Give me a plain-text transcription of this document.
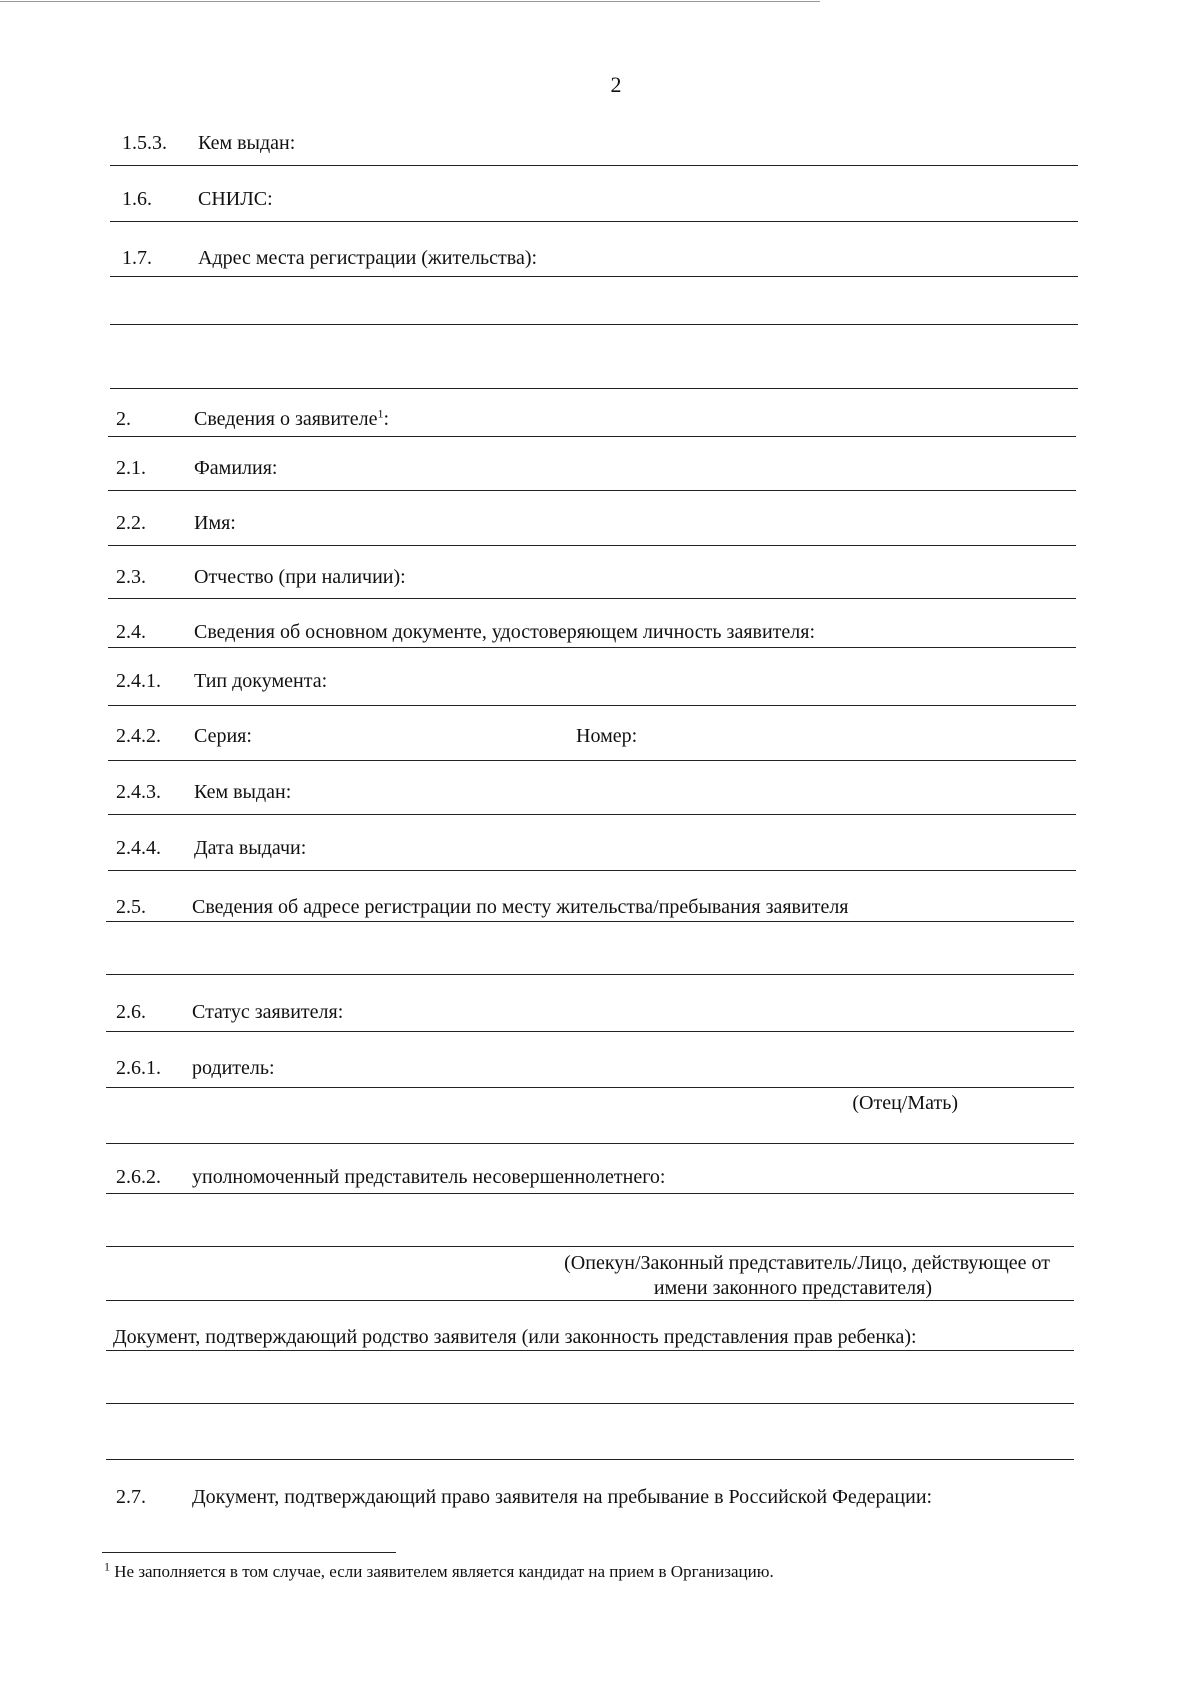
2
1.5.3. Кем выдан:
1.6. СНИЛС:
1.7. Адрес места регистрации (жительства):
2.	Сведения о заявителе$^1$:
2.1. Фамилия:
2.2. Имя:
2.3. Отчество (при наличии):
2.4. Сведения об основном документе, удостоверяющем личность заявителя:
2.4.1. Тип документа:
2.4.2. Серия:	Номер:
2.4.3. Кем выдан:
2.4.4. Дата выдачи:
2.5. Сведения об адресе регистрации по месту жительства/пребывания заявителя
2.6. Статус заявителя:
2.6.1. родитель:
(Отец/Мать)
2.6.2. уполномоченный представитель несовершеннолетнего:
(Опекун/Законный представитель/Лицо, действующее от
имени законного представителя)
Документ, подтверждающий родство заявителя (или законность представления прав ребенка):
2.7. Документ, подтверждающий право заявителя на пребывание в Российской Федерации:
$^1$ Не заполняется в том случае, если заявителем является кандидат на прием в Организацию.
